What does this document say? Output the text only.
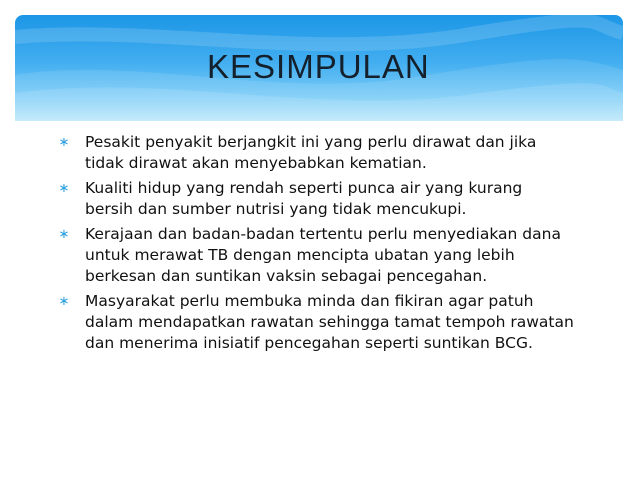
KESIMPULAN
∗ Pesakit penyakit berjangkit ini yang perlu dirawat dan jika tidak dirawat akan menyebabkan kematian.
∗ Kualiti hidup yang rendah seperti punca air yang kurang bersih dan sumber nutrisi yang tidak mencukupi.
∗ Kerajaan dan badan-badan tertentu perlu menyediakan dana untuk merawat TB dengan mencipta ubatan yang lebih berkesan dan suntikan vaksin sebagai pencegahan.
∗ Masyarakat perlu membuka minda dan fikiran agar patuh dalam mendapatkan rawatan sehingga tamat tempoh rawatan dan menerima inisiatif pencegahan seperti suntikan BCG.
